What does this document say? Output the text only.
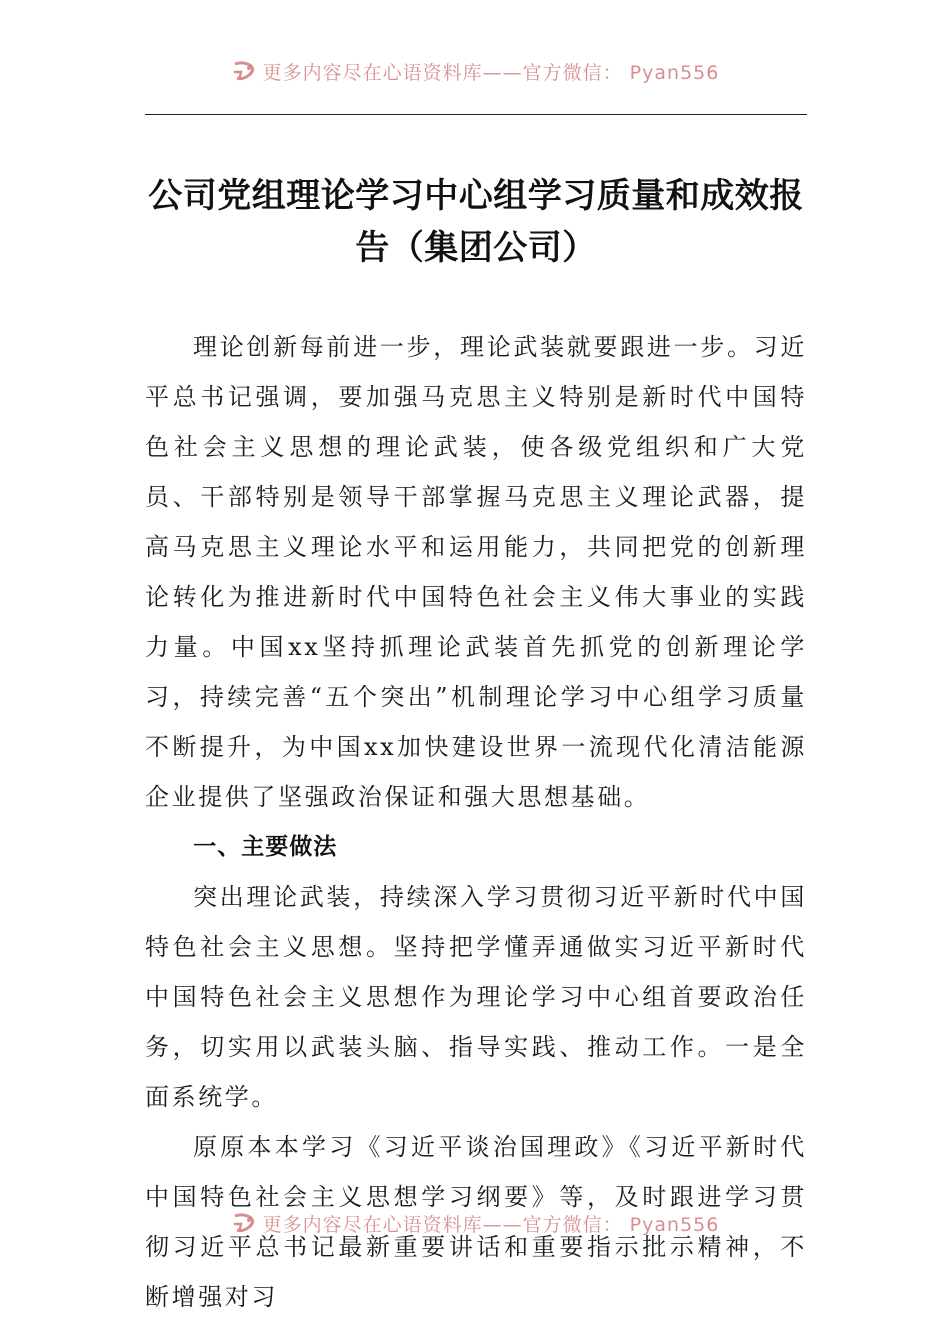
更多内容尽在心语资料库——官方微信： Pyan556
公司党组理论学习中心组学习质量和成效报告（集团公司）

理论创新每前进一步，理论武装就要跟进一步。习近平总书记强调，要加强马克思主义特别是新时代中国特色社会主义思想的理论武装，使各级党组织和广大党员、干部特别是领导干部掌握马克思主义理论武器，提高马克思主义理论水平和运用能力，共同把党的创新理论转化为推进新时代中国特色社会主义伟大事业的实践力量。中国xx坚持抓理论武装首先抓党的创新理论学习，持续完善“五个突出”机制理论学习中心组学习质量不断提升，为中国xx加快建设世界一流现代化清洁能源企业提供了坚强政治保证和强大思想基础。

一、主要做法

突出理论武装，持续深入学习贯彻习近平新时代中国特色社会主义思想。坚持把学懂弄通做实习近平新时代中国特色社会主义思想作为理论学习中心组首要政治任务，切实用以武装头脑、指导实践、推动工作。一是全面系统学。

原原本本学习《习近平谈治国理政》《习近平新时代中国特色社会主义思想学习纲要》等，及时跟进学习贯彻习近平总书记最新重要讲话和重要指示批示精神，不断增强对习

更多内容尽在心语资料库——官方微信： Pyan556
